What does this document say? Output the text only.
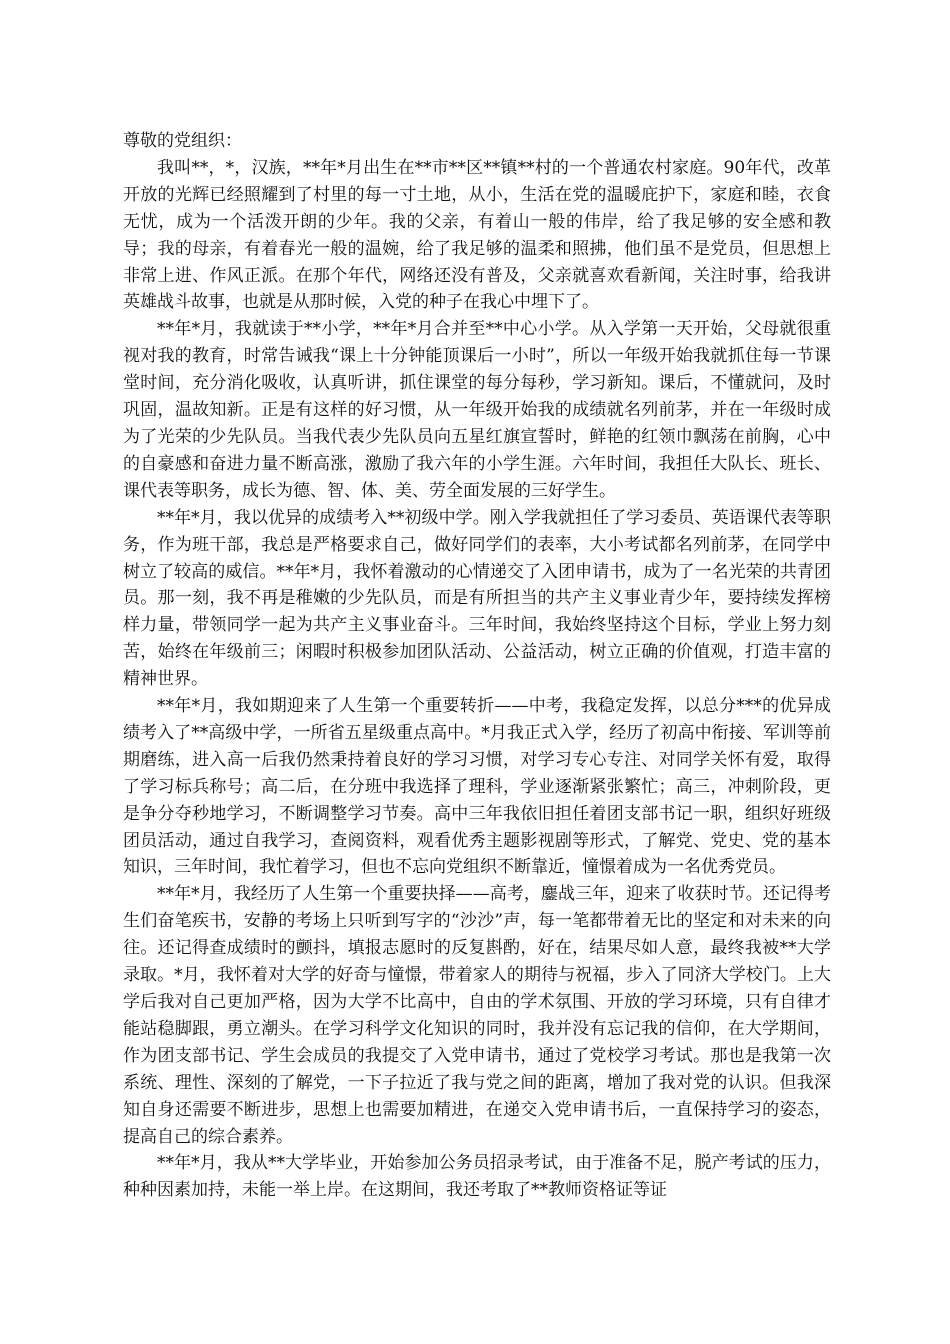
尊敬的党组织：

我叫**，*，汉族，**年*月出生在**市**区**镇**村的一个普通农村家庭。90年代，改革开放的光辉已经照耀到了村里的每一寸土地，从小，生活在党的温暖庇护下，家庭和睦，衣食无忧，成为一个活泼开朗的少年。我的父亲，有着山一般的伟岸，给了我足够的安全感和教导；我的母亲，有着春光一般的温婉，给了我足够的温柔和照拂，他们虽不是党员，但思想上非常上进、作风正派。在那个年代，网络还没有普及，父亲就喜欢看新闻，关注时事，给我讲英雄战斗故事，也就是从那时候，入党的种子在我心中埋下了。

**年*月，我就读于**小学，**年*月合并至**中心小学。从入学第一天开始，父母就很重视对我的教育，时常告诫我“课上十分钟能顶课后一小时”，所以一年级开始我就抓住每一节课堂时间，充分消化吸收，认真听讲，抓住课堂的每分每秒，学习新知。课后，不懂就问，及时巩固，温故知新。正是有这样的好习惯，从一年级开始我的成绩就名列前茅，并在一年级时成为了光荣的少先队员。当我代表少先队员向五星红旗宣誓时，鲜艳的红领巾飘荡在前胸，心中的自豪感和奋进力量不断高涨，激励了我六年的小学生涯。六年时间，我担任大队长、班长、课代表等职务，成长为德、智、体、美、劳全面发展的三好学生。

**年*月，我以优异的成绩考入**初级中学。刚入学我就担任了学习委员、英语课代表等职务，作为班干部，我总是严格要求自己，做好同学们的表率，大小考试都名列前茅，在同学中树立了较高的威信。**年*月，我怀着激动的心情递交了入团申请书，成为了一名光荣的共青团员。那一刻，我不再是稚嫩的少先队员，而是有所担当的共产主义事业青少年，要持续发挥榜样力量，带领同学一起为共产主义事业奋斗。三年时间，我始终坚持这个目标，学业上努力刻苦，始终在年级前三；闲暇时积极参加团队活动、公益活动，树立正确的价值观，打造丰富的精神世界。

**年*月，我如期迎来了人生第一个重要转折——中考，我稳定发挥，以总分***的优异成绩考入了**高级中学，一所省五星级重点高中。*月我正式入学，经历了初高中衔接、军训等前期磨练，进入高一后我仍然秉持着良好的学习习惯，对学习专心专注、对同学关怀有爱，取得了学习标兵称号；高二后，在分班中我选择了理科，学业逐渐紧张繁忙；高三，冲刺阶段，更是争分夺秒地学习，不断调整学习节奏。高中三年我依旧担任着团支部书记一职，组织好班级团员活动，通过自我学习，查阅资料，观看优秀主题影视剧等形式，了解党、党史、党的基本知识，三年时间，我忙着学习，但也不忘向党组织不断靠近，憧憬着成为一名优秀党员。

**年*月，我经历了人生第一个重要抉择——高考，鏖战三年，迎来了收获时节。还记得考生们奋笔疾书，安静的考场上只听到写字的“沙沙”声，每一笔都带着无比的坚定和对未来的向往。还记得查成绩时的颤抖，填报志愿时的反复斟酌，好在，结果尽如人意，最终我被**大学录取。*月，我怀着对大学的好奇与憧憬，带着家人的期待与祝福，步入了同济大学校门。上大学后我对自己更加严格，因为大学不比高中，自由的学术氛围、开放的学习环境，只有自律才能站稳脚跟，勇立潮头。在学习科学文化知识的同时，我并没有忘记我的信仰，在大学期间，作为团支部书记、学生会成员的我提交了入党申请书，通过了党校学习考试。那也是我第一次系统、理性、深刻的了解党，一下子拉近了我与党之间的距离，增加了我对党的认识。但我深知自身还需要不断进步，思想上也需要加精进，在递交入党申请书后，一直保持学习的姿态，提高自己的综合素养。

**年*月，我从**大学毕业，开始参加公务员招录考试，由于准备不足，脱产考试的压力，种种因素加持，未能一举上岸。在这期间，我还考取了**教师资格证等证
